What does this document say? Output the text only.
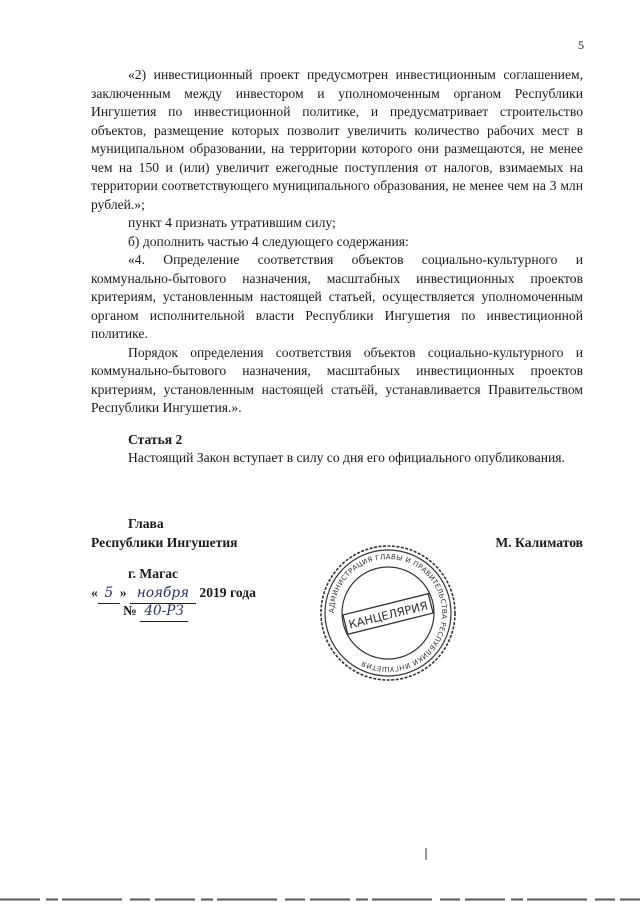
5

«2) инвестиционный проект предусмотрен инвестиционным соглашением, заключенным между инвестором и уполномоченным органом Республики Ингушетия по инвестиционной политике, и предусматривает строительство объектов, размещение которых позволит увеличить количество рабочих мест в муниципальном образовании, на территории которого они размещаются, не менее чем на 150 и (или) увеличит ежегодные поступления от налогов, взимаемых на территории соответствующего муниципального образования, не менее чем на 3 млн рублей.»;

пункт 4 признать утратившим силу;

б) дополнить частью 4 следующего содержания:

«4. Определение соответствия объектов социально-культурного и коммунально-бытового назначения, масштабных инвестиционных проектов критериям, установленным настоящей статьей, осуществляется уполномоченным органом исполнительной власти Республики Ингушетия по инвестиционной политике.

Порядок определения соответствия объектов социально-культурного и коммунально-бытового назначения, масштабных инвестиционных проектов критериям, установленным настоящей статьёй, устанавливается Правительством Республики Ингушетия.».

Статья 2

Настоящий Закон вступает в силу со дня его официального опубликования.

Глава
Республики Ингушетия	М. Калиматов
г. Магас
« 5 » ноября 2019 года
№ 40-РЗ	АДМИНИСТРАЦИЯ ГЛАВЫ И ПРАВИТЕЛЬСТВА РЕСПУБЛИКИ ИНГУШЕТИЯ
КАНЦЕЛЯРИЯ
